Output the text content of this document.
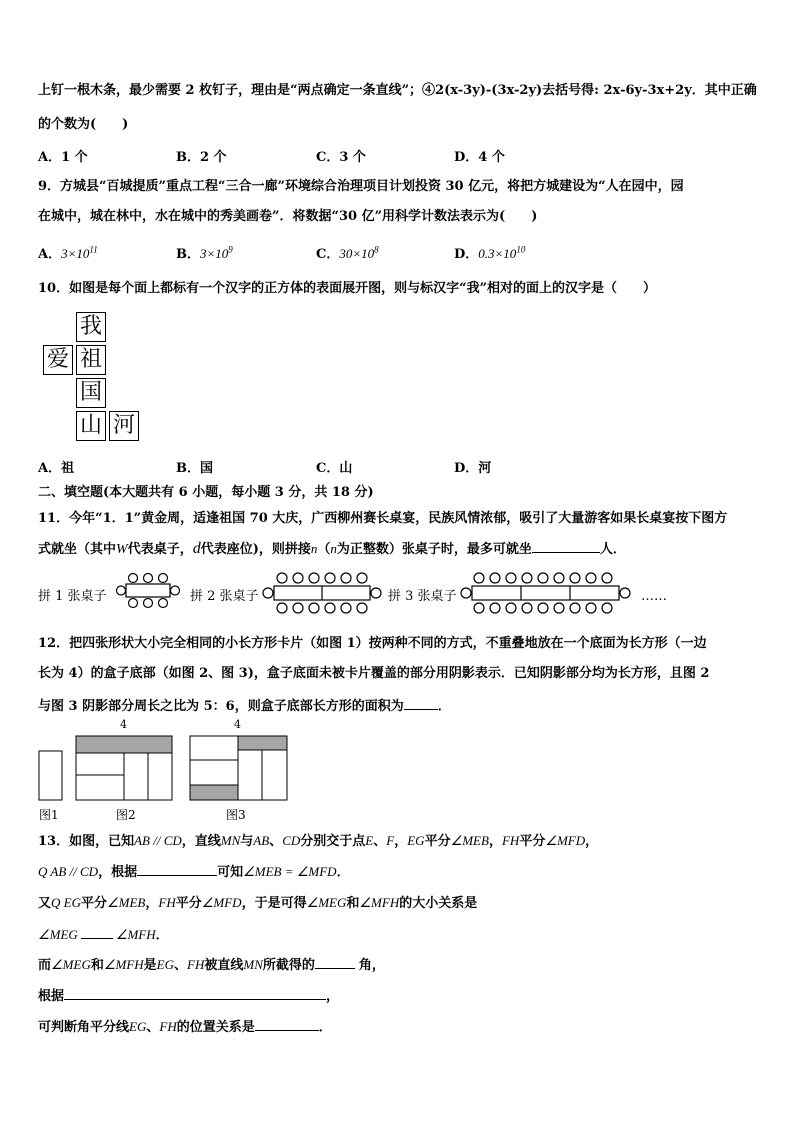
上钉一根木条，最少需要 2 枚钉子，理由是“两点确定一条直线”；④2(x-3y)-(3x-2y)去括号得: 2x-6y-3x+2y．其中正确
的个数为(　　)
A．1 个	B．2 个	C．3 个	D．4 个
9．方城县“百城提质”重点工程“三合一廊”环境综合治理项目计划投资 30 亿元，将把方城建设为“人在园中，园
在城中，城在林中，水在城中的秀美画卷”．将数据“30 亿”用科学计数法表示为(　　)
A．$3\times 10^{11}$	B．$3\times 10^9$	C．$30\times 10^8$	D．$0.3\times 10^{10}$
10．如图是每个面上都标有一个汉字的正方体的表面展开图，则与标汉字“我”相对的面上的汉字是（　　）
我
爱 祖
国
山 河
A．祖	B．国	C．山	D．河
二、填空题(本大题共有 6 小题，每小题 3 分，共 18 分)
11．今年“1．1”黄金周，适逢祖国 70 大庆，广西柳州赛长桌宴，民族风情浓郁，吸引了大量游客如果长桌宴按下图方
式就坐（其中W代表桌子，d代表座位)，则拼接n（n为正整数）张桌子时，最多可就坐	人．
拼 1 张桌子	拼 2 张桌子	拼 3 张桌子	……
12．把四张形状大小完全相同的小长方形卡片（如图 1）按两种不同的方式，不重叠地放在一个底面为长方形（一边
长为 4）的盒子底部（如图 2、图 3)，盒子底面未被卡片覆盖的部分用阴影表示．已知阴影部分均为长方形，且图 2
与图 3 阴影部分周长之比为 5：6，则盒子底部长方形的面积为	．
4	4
图1	图2	图3
13．如图，已知AB // CD，直线MN与AB、CD分别交于点E、F，EG平分∠MEB，FH平分∠MFD，
Q AB // CD，根据	可知∠MEB = ∠MFD．
又Q EG平分∠MEB，FH平分∠MFD，于是可得∠MEG和∠MFH的大小关系是
∠MEG	∠MFH．
而∠MEG和∠MFH是EG、FH被直线MN所截得的	角，
根据	，
可判断角平分线EG、FH的位置关系是	．
